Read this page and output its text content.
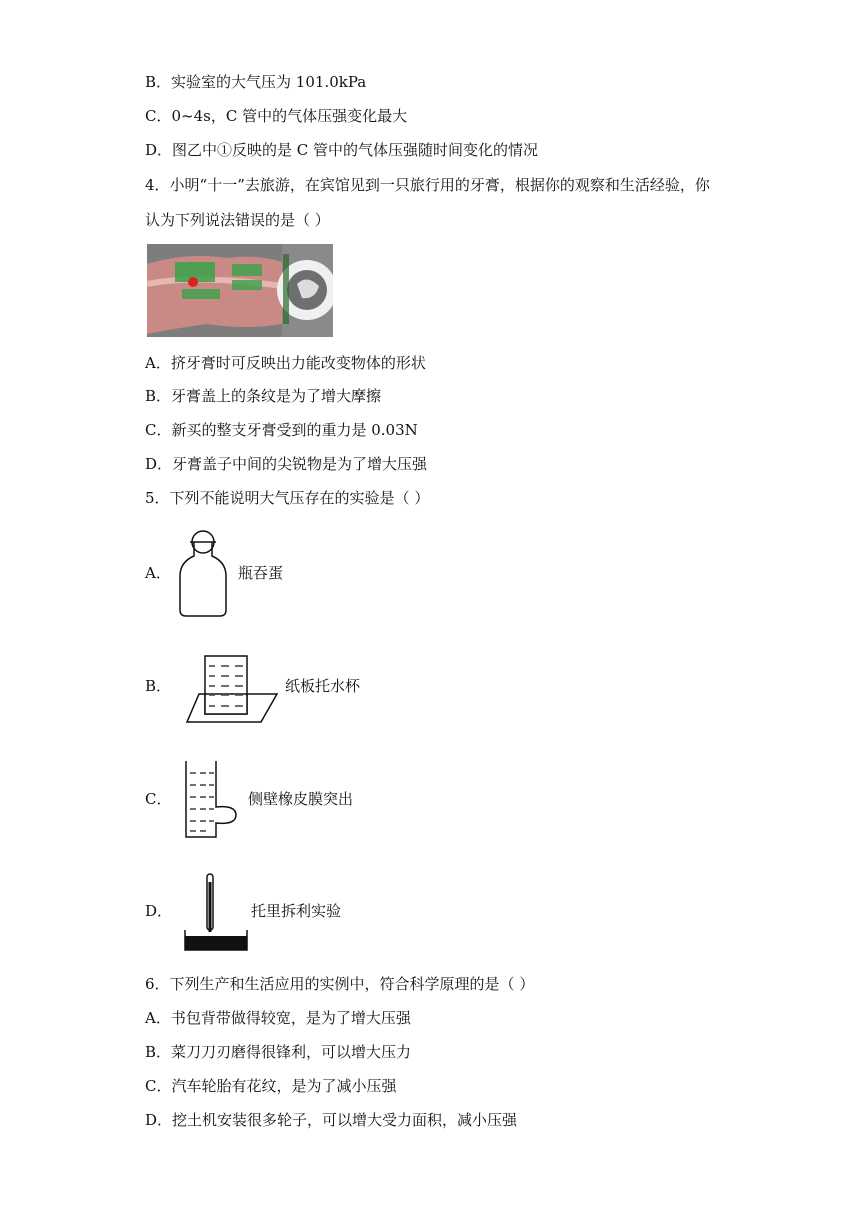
B．实验室的大气压为 101.0kPa
C．0~4s，C 管中的气体压强变化最大
D．图乙中①反映的是 C 管中的气体压强随时间变化的情况
4．小明“十一”去旅游，在宾馆见到一只旅行用的牙膏，根据你的观察和生活经验，你
认为下列说法错误的是（ ）
A．挤牙膏时可反映出力能改变物体的形状
B．牙膏盖上的条纹是为了增大摩擦
C．新买的整支牙膏受到的重力是 0.03N
D．牙膏盖子中间的尖锐物是为了增大压强
5．下列不能说明大气压存在的实验是（ ）
A．	瓶吞蛋
B．	纸板托水杯
C．	侧壁橡皮膜突出
D．	托里拆利实验
6．下列生产和生活应用的实例中，符合科学原理的是（ ）
A．书包背带做得较宽，是为了增大压强
B．菜刀刀刃磨得很锋利，可以增大压力
C．汽车轮胎有花纹，是为了减小压强
D．挖土机安装很多轮子，可以增大受力面积，减小压强
